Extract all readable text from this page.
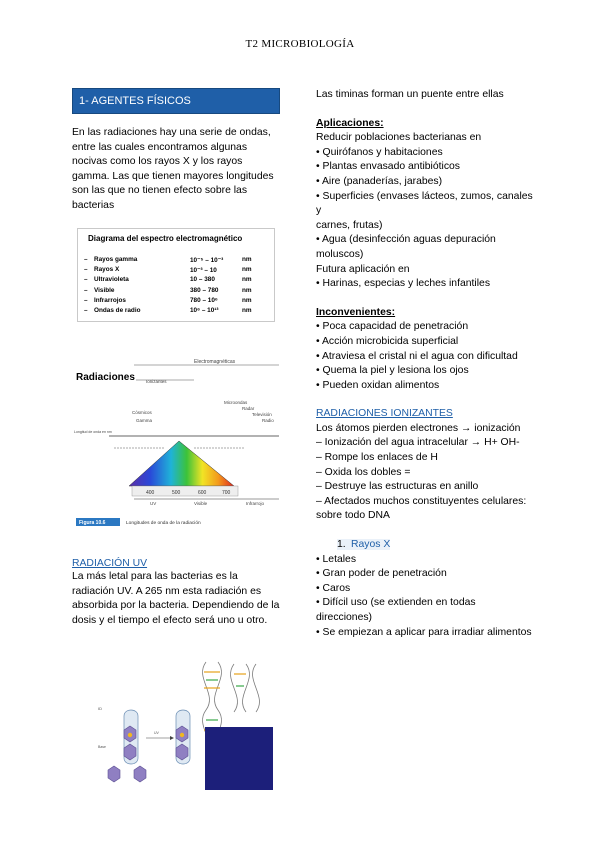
T2 MICROBIOLOGÍA
1- AGENTES FÍSICOS
En las radiaciones hay una serie de ondas, entre las cuales encontramos algunas nocivas como los rayos X y los rayos gamma. Las que tienen mayores longitudes son las que no tienen efecto sobre las bacterias
Diagrama del espectro electromagnético
– Rayos gamma	10⁻⁵ – 10⁻³	nm
– Rayos X	10⁻³ – 10	nm
– Ultravioleta	10 – 380	nm
– Visible	380 – 780	nm
– Infrarrojos	780 – 10⁶	nm
– Ondas de radio	10⁶ – 10¹³	nm
Electromagnéticas
Radiaciones Ionizantes
Cósmicos
Gamma
Microondas
Radar
Radio
Televisión
Longitud de onda en nm
400	500	600	700
UV	Visible	Infrarrojo
Figura 10.6	Longitudes de onda de la radiación
RADIACIÓN UV
La más letal para las bacterias es la radiación UV. A 265 nm esta radiación es absorbida por la bacteria. Dependiendo de la dosis y el tiempo el efecto será uno u otro.
ID
Base
UV
Las timinas forman un puente entre ellas
Aplicaciones:
Reducir poblaciones bacterianas en
• Quirófanos y habitaciones
• Plantas envasado antibióticos
• Aire (panaderías, jarabes)
• Superficies (envases lácteos, zumos, canales y
carnes, frutas)
• Agua (desinfección aguas depuración moluscos)
Futura aplicación en
• Harinas, especias y leches infantiles
Inconvenientes:
• Poca capacidad de penetración
• Acción microbicida superficial
• Atraviesa el cristal ni el agua con dificultad
• Quema la piel y lesiona los ojos
• Pueden oxidan alimentos
RADIACIONES IONIZANTES
Los átomos pierden electrones → ionización
– Ionización del agua intracelular → H+ OH-
– Rompe los enlaces de H
– Oxida los dobles =
– Destruye las estructuras en anillo
– Afectados muchos constituyentes celulares: sobre todo DNA
1. Rayos X
• Letales
• Gran poder de penetración
• Caros
• Difícil uso (se extienden en todas direcciones)
• Se empiezan a aplicar para irradiar alimentos
